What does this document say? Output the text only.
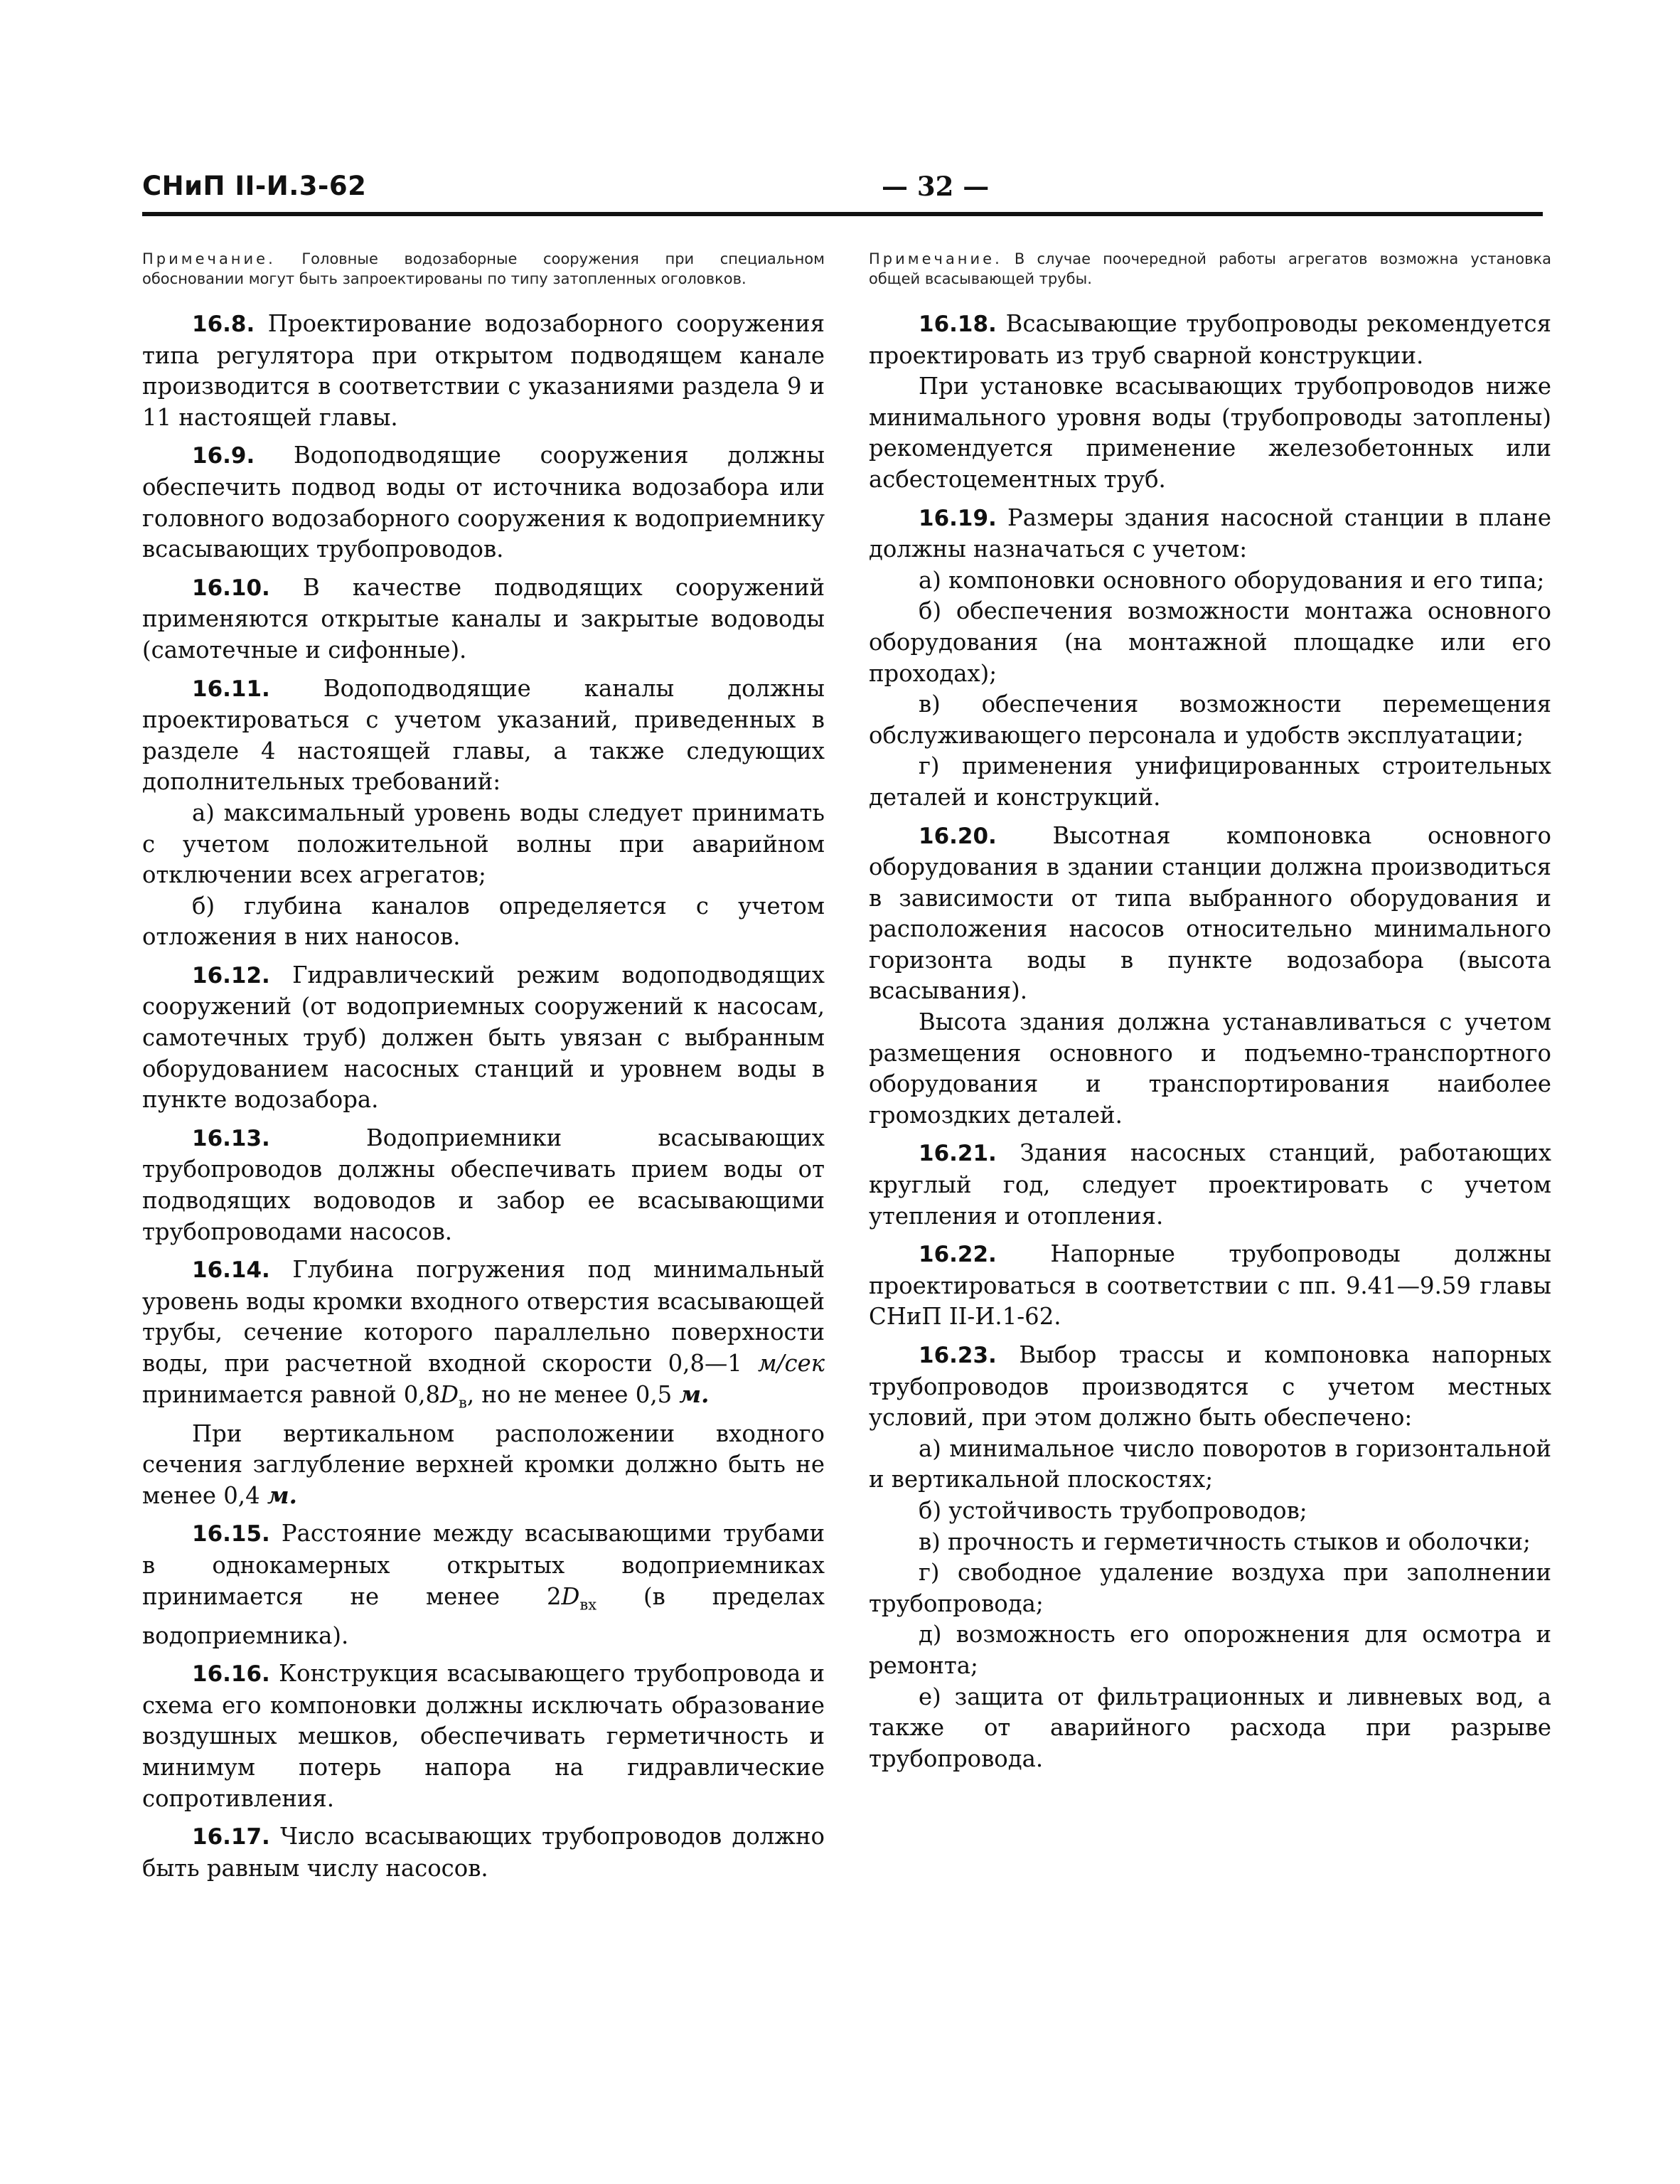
СНиП II-И.3-62	— 32 —
Примечание. Головные водозаборные сооружения при специальном обосновании могут быть запроектированы по типу затопленных оголовков.

16.8. Проектирование водозаборного сооружения типа регулятора при открытом подводящем канале производится в соответствии с указаниями раздела 9 и 11 настоящей главы.

16.9. Водоподводящие сооружения должны обеспечить подвод воды от источника водозабора или головного водозаборного сооружения к водоприемнику всасывающих трубопроводов.

16.10. В качестве подводящих сооружений применяются открытые каналы и закрытые водоводы (самотечные и сифонные).

16.11. Водоподводящие каналы должны проектироваться с учетом указаний, приведенных в разделе 4 настоящей главы, а также следующих дополнительных требований:

а) максимальный уровень воды следует принимать с учетом положительной волны при аварийном отключении всех агрегатов;

б) глубина каналов определяется с учетом отложения в них наносов.

16.12. Гидравлический режим водоподводящих сооружений (от водоприемных сооружений к насосам, самотечных труб) должен быть увязан с выбранным оборудованием насосных станций и уровнем воды в пункте водозабора.

16.13. Водоприемники всасывающих трубопроводов должны обеспечивать прием воды от подводящих водоводов и забор ее всасывающими трубопроводами насосов.

16.14. Глубина погружения под минимальный уровень воды кромки входного отверстия всасывающей трубы, сечение которого параллельно поверхности воды, при расчетной входной скорости 0,8—1 м/сек принимается равной $0,8D_в$, но не менее 0,5 м.

При вертикальном расположении входного сечения заглубление верхней кромки должно быть не менее 0,4 м.

16.15. Расстояние между всасывающими трубами в однокамерных открытых водоприемниках принимается не менее $2D_{вх}$ (в пределах водоприемника).

16.16. Конструкция всасывающего трубопровода и схема его компоновки должны исключать образование воздушных мешков, обеспечивать герметичность и минимум потерь напора на гидравлические сопротивления.

16.17. Число всасывающих трубопроводов должно быть равным числу насосов.

Примечание. В случае поочередной работы агрегатов возможна установка общей всасывающей трубы.

16.18. Всасывающие трубопроводы рекомендуется проектировать из труб сварной конструкции.

При установке всасывающих трубопроводов ниже минимального уровня воды (трубопроводы затоплены) рекомендуется применение железобетонных или асбестоцементных труб.

16.19. Размеры здания насосной станции в плане должны назначаться с учетом:

а) компоновки основного оборудования и его типа;

б) обеспечения возможности монтажа основного оборудования (на монтажной площадке или его проходах);

в) обеспечения возможности перемещения обслуживающего персонала и удобств эксплуатации;

г) применения унифицированных строительных деталей и конструкций.

16.20. Высотная компоновка основного оборудования в здании станции должна производиться в зависимости от типа выбранного оборудования и расположения насосов относительно минимального горизонта воды в пункте водозабора (высота всасывания).

Высота здания должна устанавливаться с учетом размещения основного и подъемно-транспортного оборудования и транспортирования наиболее громоздких деталей.

16.21. Здания насосных станций, работающих круглый год, следует проектировать с учетом утепления и отопления.

16.22. Напорные трубопроводы должны проектироваться в соответствии с пп. 9.41—9.59 главы СНиП II-И.1-62.

16.23. Выбор трассы и компоновка напорных трубопроводов производятся с учетом местных условий, при этом должно быть обеспечено:

а) минимальное число поворотов в горизонтальной и вертикальной плоскостях;

б) устойчивость трубопроводов;

в) прочность и герметичность стыков и оболочки;

г) свободное удаление воздуха при заполнении трубопровода;

д) возможность его опорожнения для осмотра и ремонта;

е) защита от фильтрационных и ливневых вод, а также от аварийного расхода при разрыве трубопровода.
